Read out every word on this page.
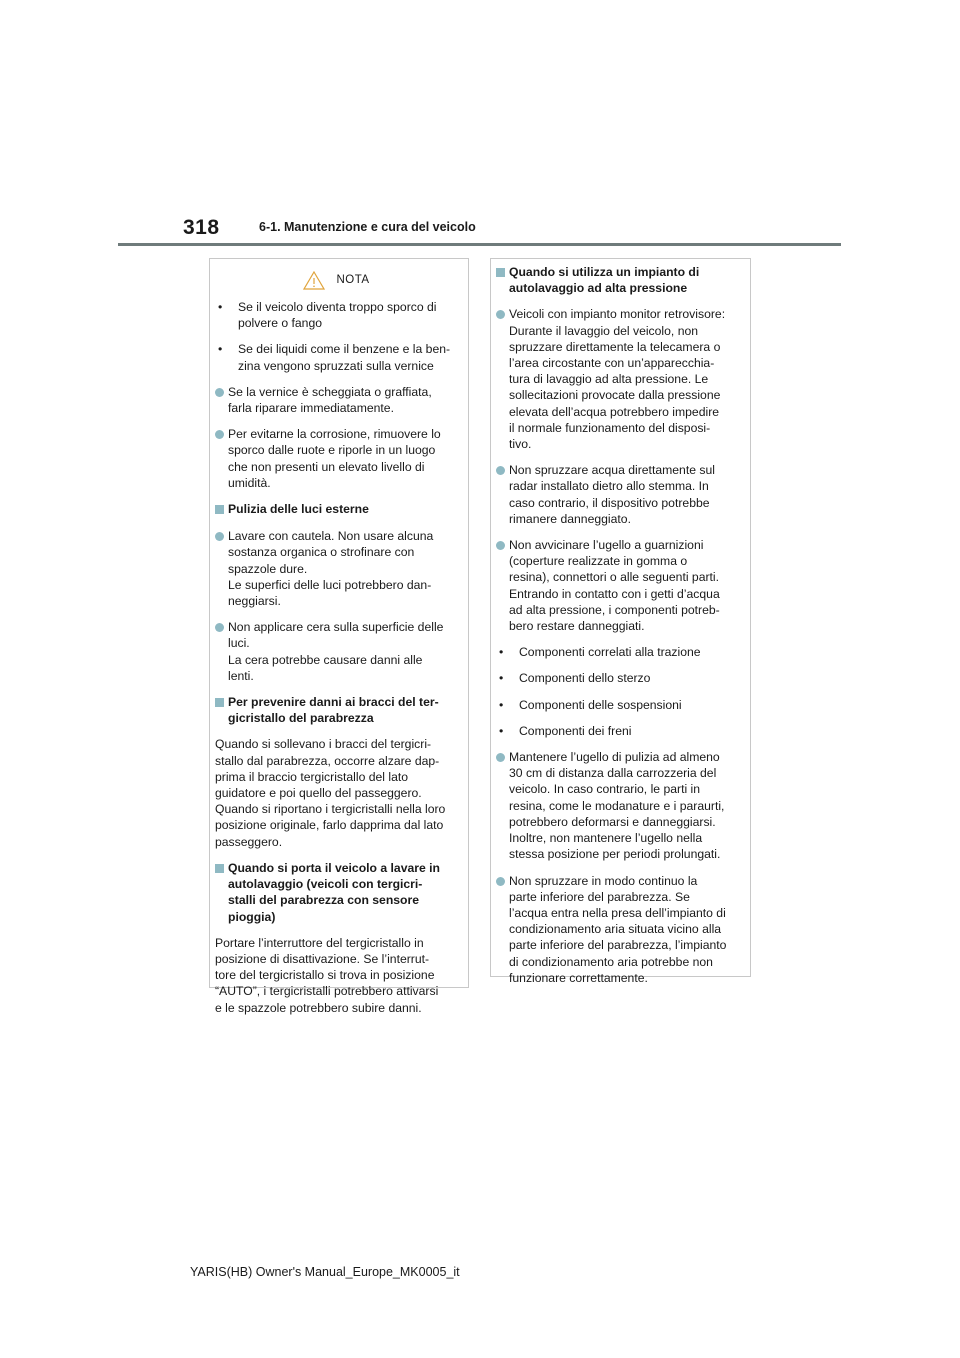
318	6-1. Manutenzione e cura del veicolo
NOTA
•	Se il veicolo diventa troppo sporco di
polvere o fango
•	Se dei liquidi come il benzene e la ben-
zina vengono spruzzati sulla vernice
Se la vernice è scheggiata o graffiata,
farla riparare immediatamente.
Per evitarne la corrosione, rimuovere lo
sporco dalle ruote e riporle in un luogo
che non presenti un elevato livello di
umidità.
Pulizia delle luci esterne
Lavare con cautela. Non usare alcuna
sostanza organica o strofinare con
spazzole dure.
Le superfici delle luci potrebbero dan-
neggiarsi.
Non applicare cera sulla superficie delle
luci.
La cera potrebbe causare danni alle
lenti.
Per prevenire danni ai bracci del ter-
gicristallo del parabrezza
Quando si sollevano i bracci del tergicri-
stallo dal parabrezza, occorre alzare dap-
prima il braccio tergicristallo del lato
guidatore e poi quello del passeggero.
Quando si riportano i tergicristalli nella loro
posizione originale, farlo dapprima dal lato
passeggero.
Quando si porta il veicolo a lavare in
autolavaggio (veicoli con tergicri-
stalli del parabrezza con sensore
pioggia)
Portare l’interruttore del tergicristallo in
posizione di disattivazione. Se l’interrut-
tore del tergicristallo si trova in posizione
“AUTO”, i tergicristalli potrebbero attivarsi
e le spazzole potrebbero subire danni.
Quando si utilizza un impianto di
autolavaggio ad alta pressione
Veicoli con impianto monitor retrovisore:
Durante il lavaggio del veicolo, non
spruzzare direttamente la telecamera o
l’area circostante con un’apparecchia-
tura di lavaggio ad alta pressione. Le
sollecitazioni provocate dalla pressione
elevata dell’acqua potrebbero impedire
il normale funzionamento del disposi-
tivo.
Non spruzzare acqua direttamente sul
radar installato dietro allo stemma. In
caso contrario, il dispositivo potrebbe
rimanere danneggiato.
Non avvicinare l’ugello a guarnizioni
(coperture realizzate in gomma o
resina), connettori o alle seguenti parti.
Entrando in contatto con i getti d’acqua
ad alta pressione, i componenti potreb-
bero restare danneggiati.
•	Componenti correlati alla trazione
•	Componenti dello sterzo
•	Componenti delle sospensioni
•	Componenti dei freni
Mantenere l’ugello di pulizia ad almeno
30 cm di distanza dalla carrozzeria del
veicolo. In caso contrario, le parti in
resina, come le modanature e i paraurti,
potrebbero deformarsi e danneggiarsi.
Inoltre, non mantenere l’ugello nella
stessa posizione per periodi prolungati.
Non spruzzare in modo continuo la
parte inferiore del parabrezza. Se
l’acqua entra nella presa dell’impianto di
condizionamento aria situata vicino alla
parte inferiore del parabrezza, l’impianto
di condizionamento aria potrebbe non
funzionare correttamente.
YARIS(HB) Owner's Manual_Europe_MK0005_it
